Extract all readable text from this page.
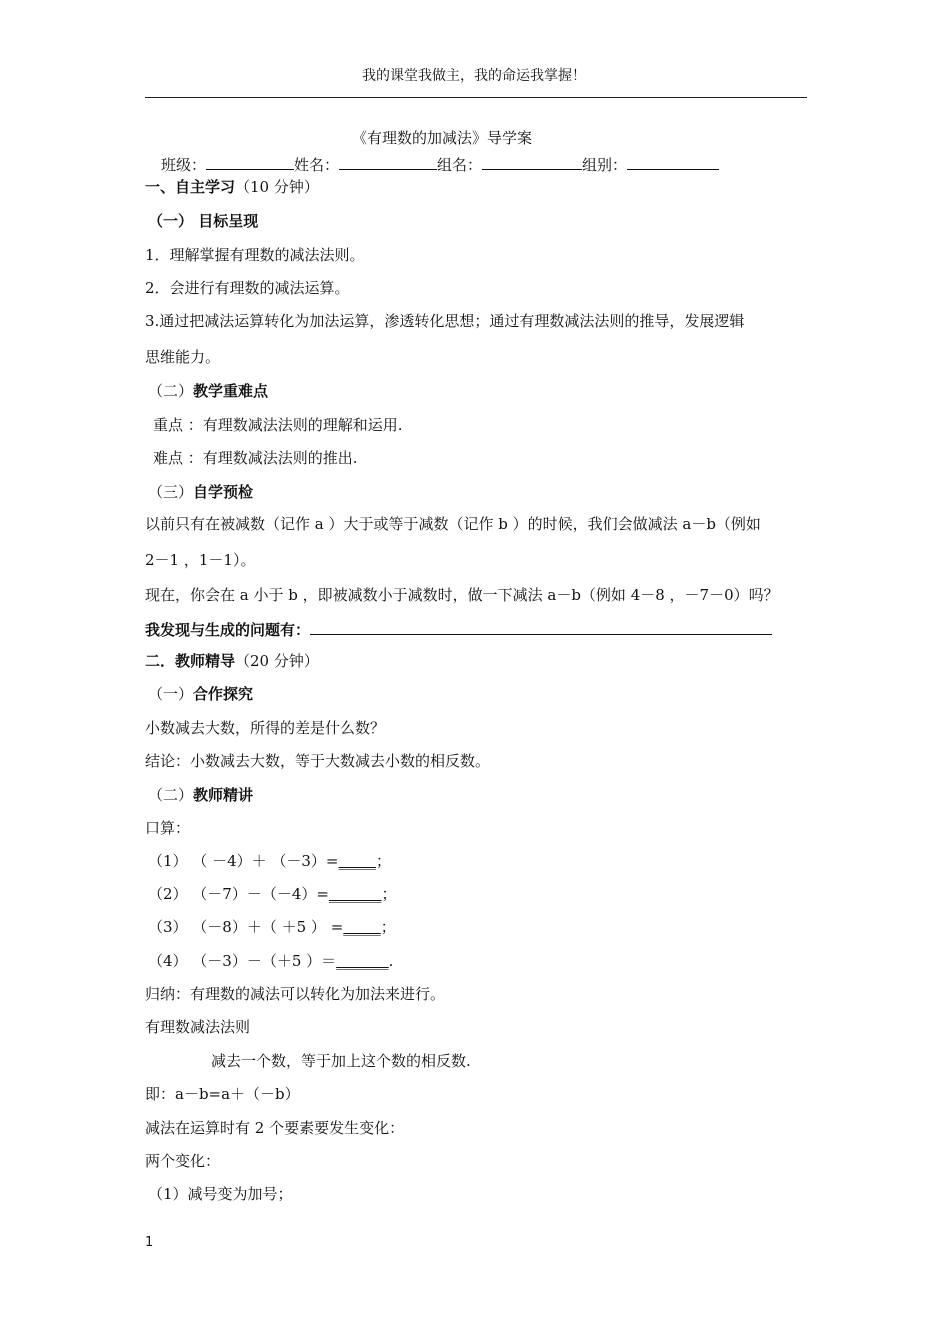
我的课堂我做主，我的命运我掌握！
《有理数的加减法》导学案
班级：	姓名：	组名：	组别：
一、自主学习（10 分钟）
（一） 目标呈现
1．理解掌握有理数的减法法则。
2．会进行有理数的减法运算。
3.通过把减法运算转化为加法运算，渗透转化思想；通过有理数减法法则的推导，发展逻辑
思维能力。
（二）教学重难点
重点 ：有理数减法法则的理解和运用.
难点 ：有理数减法法则的推出.
（三）自学预检
以前只有在被减数（记作 a ）大于或等于减数（记作 b ）的时候，我们会做减法 a－b（例如
2－1 ，1－1）。
现在，你会在 a 小于 b ，即被减数小于减数时，做一下减法 a－b（例如 4－8 ，－7－0）吗？
我发现与生成的问题有：
二．教师精导（20 分钟）
（一）合作探究
小数减去大数，所得的差是什么数？
结论：小数减去大数，等于大数减去小数的相反数。
（二）教师精讲
口算：
（1） （ －4）＋ （－3）=_____；
（2） （－7）－（－4）=_______；
（3） （－8）＋（ ＋5 ） =_____；
（4） （－3）－（＋5 ）＝_______.
归纳：有理数的减法可以转化为加法来进行。
有理数减法法则
减去一个数，等于加上这个数的相反数.
即：a－b=a＋（－b）
减法在运算时有 2 个要素要发生变化：
两个变化：
（1）减号变为加号；
1
